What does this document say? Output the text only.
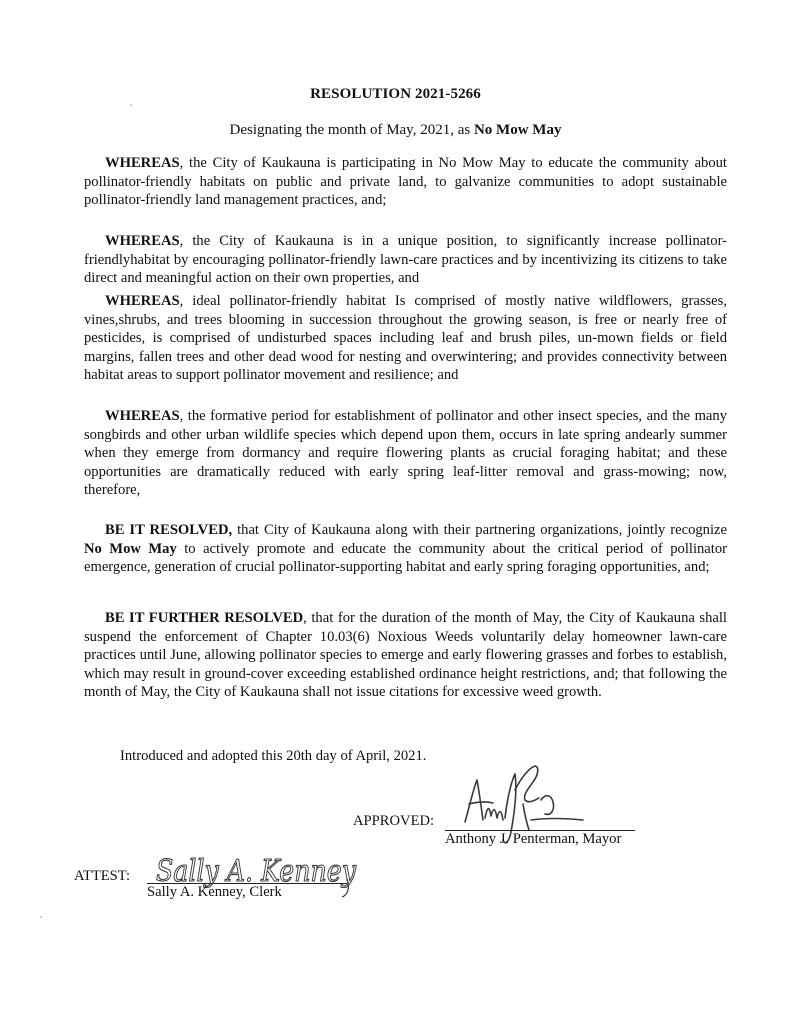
RESOLUTION 2021-5266
Designating the month of May, 2021, as No Mow May
WHEREAS, the City of Kaukauna is participating in No Mow May to educate the community about pollinator-friendly habitats on public and private land, to galvanize communities to adopt sustainable pollinator-friendly land management practices, and;
WHEREAS, the City of Kaukauna is in a unique position, to significantly increase pollinator-friendlyhabitat by encouraging pollinator-friendly lawn-care practices and by incentivizing its citizens to take direct and meaningful action on their own properties, and
WHEREAS, ideal pollinator-friendly habitat Is comprised of mostly native wildflowers, grasses, vines,shrubs, and trees blooming in succession throughout the growing season, is free or nearly free of pesticides, is comprised of undisturbed spaces including leaf and brush piles, un-mown fields or field margins, fallen trees and other dead wood for nesting and overwintering; and provides connectivity between habitat areas to support pollinator movement and resilience; and
WHEREAS, the formative period for establishment of pollinator and other insect species, and the many songbirds and other urban wildlife species which depend upon them, occurs in late spring andearly summer when they emerge from dormancy and require flowering plants as crucial foraging habitat; and these opportunities are dramatically reduced with early spring leaf-litter removal and grass-mowing; now, therefore,
BE IT RESOLVED, that City of Kaukauna along with their partnering organizations, jointly recognize No Mow May to actively promote and educate the community about the critical period of pollinator emergence, generation of crucial pollinator-supporting habitat and early spring foraging opportunities, and;
BE IT FURTHER RESOLVED, that for the duration of the month of May, the City of Kaukauna shall suspend the enforcement of Chapter 10.03(6) Noxious Weeds voluntarily delay homeowner lawn-care practices until June, allowing pollinator species to emerge and early flowering grasses and forbes to establish, which may result in ground-cover exceeding established ordinance height restrictions, and; that following the month of May, the City of Kaukauna shall not issue citations for excessive weed growth.
Introduced and adopted this 20th day of April, 2021.
APPROVED:
Anthony J. Penterman, Mayor
ATTEST: Sally A. Kenney
Sally A. Kenney, Clerk
